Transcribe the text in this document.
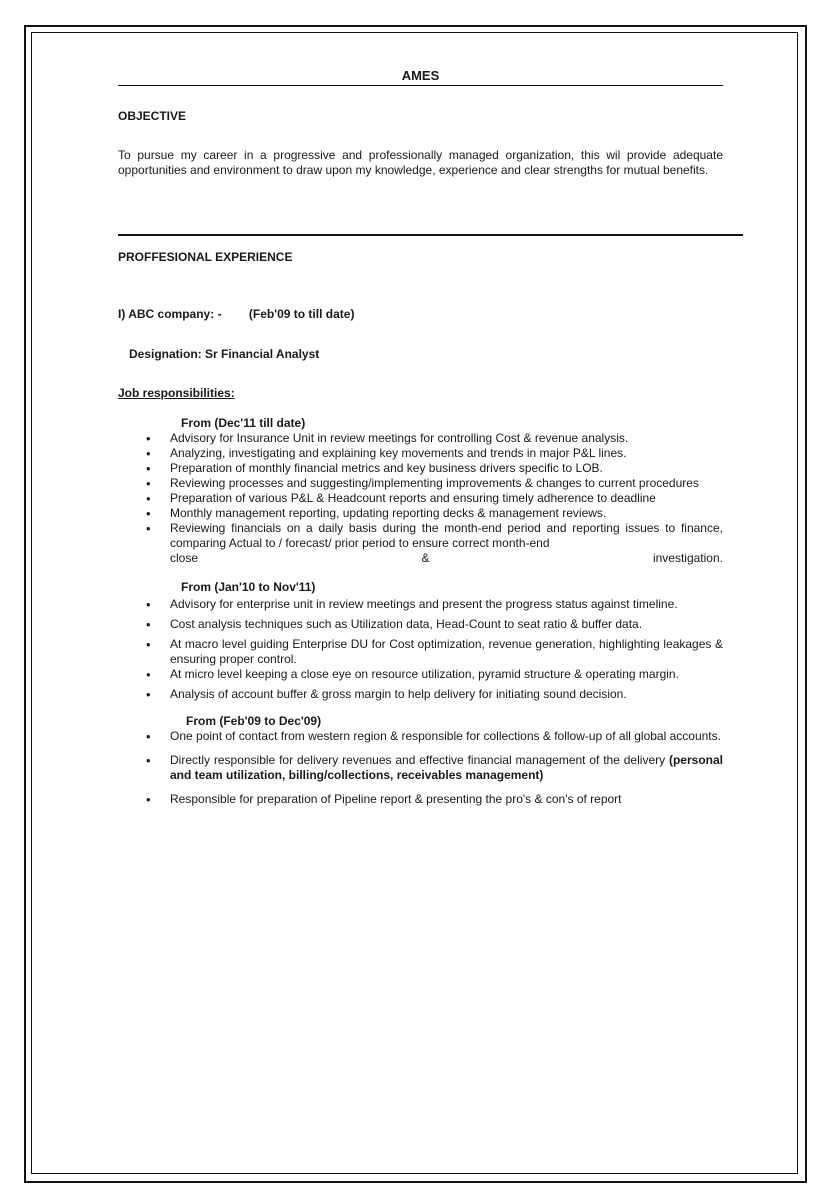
AMES

OBJECTIVE

To pursue my career in a progressive and professionally managed organization, this wil provide adequate opportunities and environment to draw upon my knowledge, experience and clear strengths for mutual benefits.

PROFFESIONAL EXPERIENCE

I) ABC company: - (Feb'09 to till date)
Designation: Sr Financial Analyst
Job responsibilities:
From (Dec'11 till date)
• Advisory for Insurance Unit in review meetings for controlling Cost & revenue analysis.
• Analyzing, investigating and explaining key movements and trends in major P&L lines.
• Preparation of monthly financial metrics and key business drivers specific to LOB.
• Reviewing processes and suggesting/implementing improvements & changes to current procedures
• Preparation of various P&L & Headcount reports and ensuring timely adherence to deadline
• Monthly management reporting, updating reporting decks & management reviews.
• Reviewing financials on a daily basis during the month-end period and reporting issues to finance, comparing Actual to / forecast/ prior period to ensure correct month-end
close	&	investigation.
From (Jan'10 to Nov'11)
• Advisory for enterprise unit in review meetings and present the progress status against timeline.
• Cost analysis techniques such as Utilization data, Head-Count to seat ratio & buffer data.
• At macro level guiding Enterprise DU for Cost optimization, revenue generation, highlighting leakages & ensuring proper control.
• At micro level keeping a close eye on resource utilization, pyramid structure & operating margin.
• Analysis of account buffer & gross margin to help delivery for initiating sound decision.
From (Feb'09 to Dec'09)
• One point of contact from western region & responsible for collections & follow-up of all global accounts.
• Directly responsible for delivery revenues and effective financial management of the delivery (personal and team utilization, billing/collections, receivables management)
• Responsible for preparation of Pipeline report & presenting the pro's & con's of report
